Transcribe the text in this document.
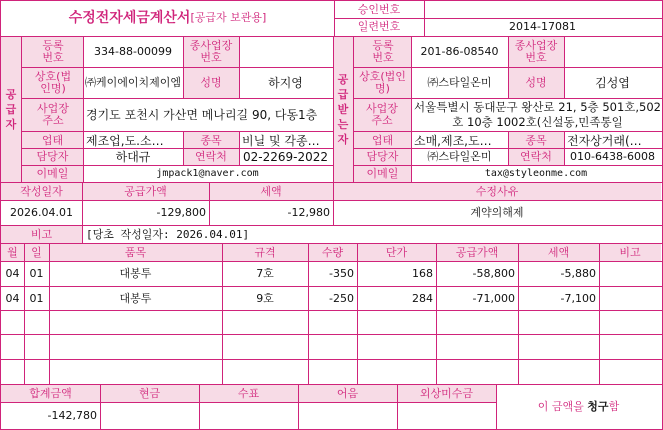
수정전자세금계산서 [공급자 보관용]
승인번호
일련번호	2014-17081
공
급
자
등록번호	334-88-00099	종사업장번호
상호(법인명)	㈜케이에이치제이엠	성명	하지영
사업장주소	경기도 포천시 가산면 메나리길 90, 다동1층
업태	제조업,도.소…	종목	비닐 및 각종…
담당자	하대규	연락처	02-2269-2022
이메일	jmpack1@naver.com
공
급
받
는
자
등록번호	201-86-08540	종사업장번호
상호(법인명)	㈜스타일온미	성명	김성엽
사업장주소
서울특별시 동대문구 왕산로 21, 5층 501호,502호 10층 1002호(신설동,민족통일
업태	소매,제조,도…	종목	전자상거래(…
담당자	㈜스타일온미	연락처	010-6438-6008
이메일	tax@styleonme.com
작성일자	공급가액	세액	수정사유
2026.04.01	-129,800	-12,980	계약의해제
비고	[당초 작성일자: 2026.04.01]
월	일	품목	규격	수량	단가	공급가액	세액	비고
04 01	대봉투	7호	-350	168	-58,800	-5,880
04 01	대봉투	9호	-250	284	-71,000	-7,100
합계금액	현금	수표	어음	외상미수금
-142,780
이 금액을
청구 함
